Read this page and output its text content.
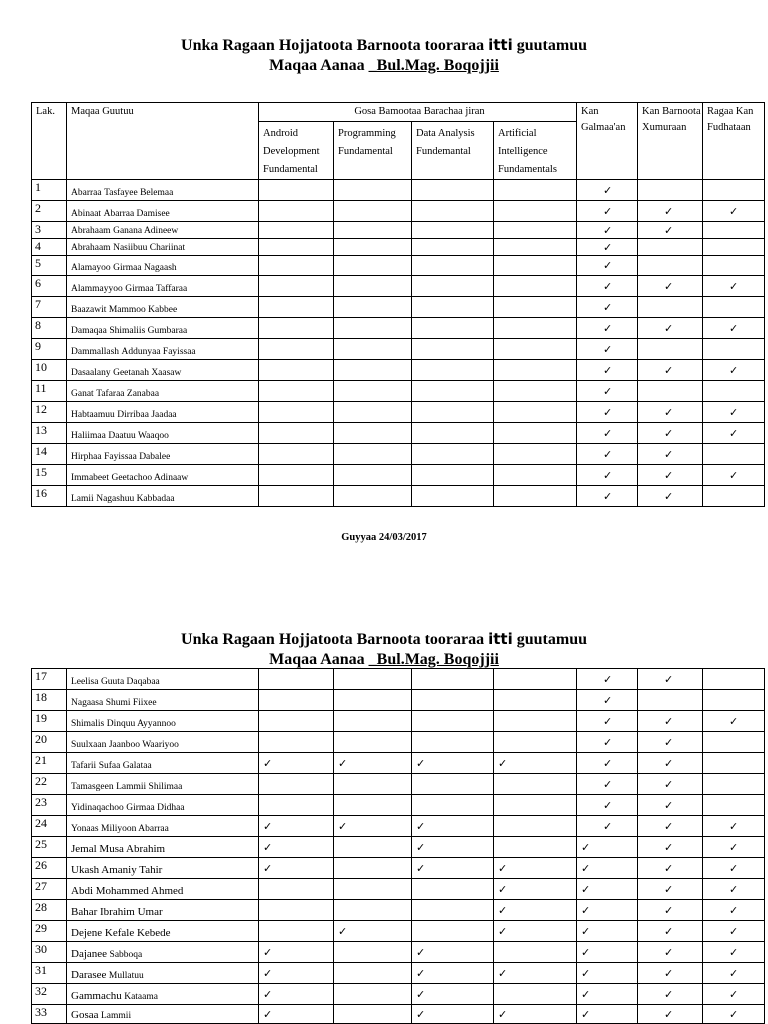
Unka Ragaan Hojjatoota Barnoota tooraraa itti guutamuu
Maqaa Aanaa _Bul.Mag. Boqojjii
Lak.	Maqaa Guutuu	Gosa Bamootaa Barachaa jiran				Kan Galmaa'an	Kan Barnoota Xumuraan	Ragaa Kan Fudhataan
		Android Development Fundamental	Programming Fundamental	Data Analysis Fundemantal	Artificial Intelligence Fundamentals			
1	Abarraa Tasfayee Belemaa					✓		
2	Abinaat Abarraa Damisee					✓	✓	✓
3	Abrahaam Ganana Adineew					✓	✓	
4	Abrahaam Nasiibuu Chariinat					✓		
5	Alamayoo Girmaa Nagaash					✓		
6	Alammayyoo Girmaa Taffaraa					✓	✓	✓
7	Baazawit Mammoo Kabbee					✓		
8	Damaqaa Shimaliis Gumbaraa					✓	✓	✓
9	Dammallash Addunyaa Fayissaa					✓		
10	Dasaalany Geetanah Xaasaw					✓	✓	✓
11	Ganat Tafaraa Zanabaa					✓		
12	Habtaamuu Dirribaa Jaadaa					✓	✓	✓
13	Haliimaa Daatuu Waaqoo					✓	✓	✓
14	Hirphaa Fayissaa Dabalee					✓	✓	
15	Immabeet Geetachoo Adinaaw					✓	✓	✓
16	Lamii Nagashuu Kabbadaa					✓	✓	
Guyyaa 24/03/2017
Unka Ragaan Hojjatoota Barnoota tooraraa itti guutamuu
Maqaa Aanaa _Bul.Mag. Boqojjii
17	Leelisa Guuta Daqabaa					✓	✓	
18	Nagaasa Shumi Fiixee					✓		
19	Shimalis Dinquu Ayyannoo					✓	✓	✓
20	Suulxaan Jaanboo Waariyoo					✓	✓	
21	Tafarii Sufaa Galataa	✓	✓	✓	✓	✓	✓	
22	Tamasgeen Lammii Shilimaa					✓	✓	
23	Yidinaqachoo Girmaa Didhaa					✓	✓	
24	Yonaas Miliyoon Abarraa	✓	✓	✓		✓	✓	✓
25	Jemal Musa Abrahim	✓		✓		✓	✓	✓
26	Ukash Amaniy Tahir	✓		✓	✓	✓	✓	✓
27	Abdi Mohammed Ahmed				✓	✓	✓	✓
28	Bahar Ibrahim Umar				✓	✓	✓	✓
29	Dejene Kefale Kebede		✓		✓	✓	✓	✓
30	Dajanee Sabboqa	✓		✓		✓	✓	✓
31	Darasee Mullatuu	✓		✓	✓	✓	✓	✓
32	Gammachu Kataama	✓		✓		✓	✓	✓
33	Gosaa Lammii	✓		✓	✓	✓	✓	✓
